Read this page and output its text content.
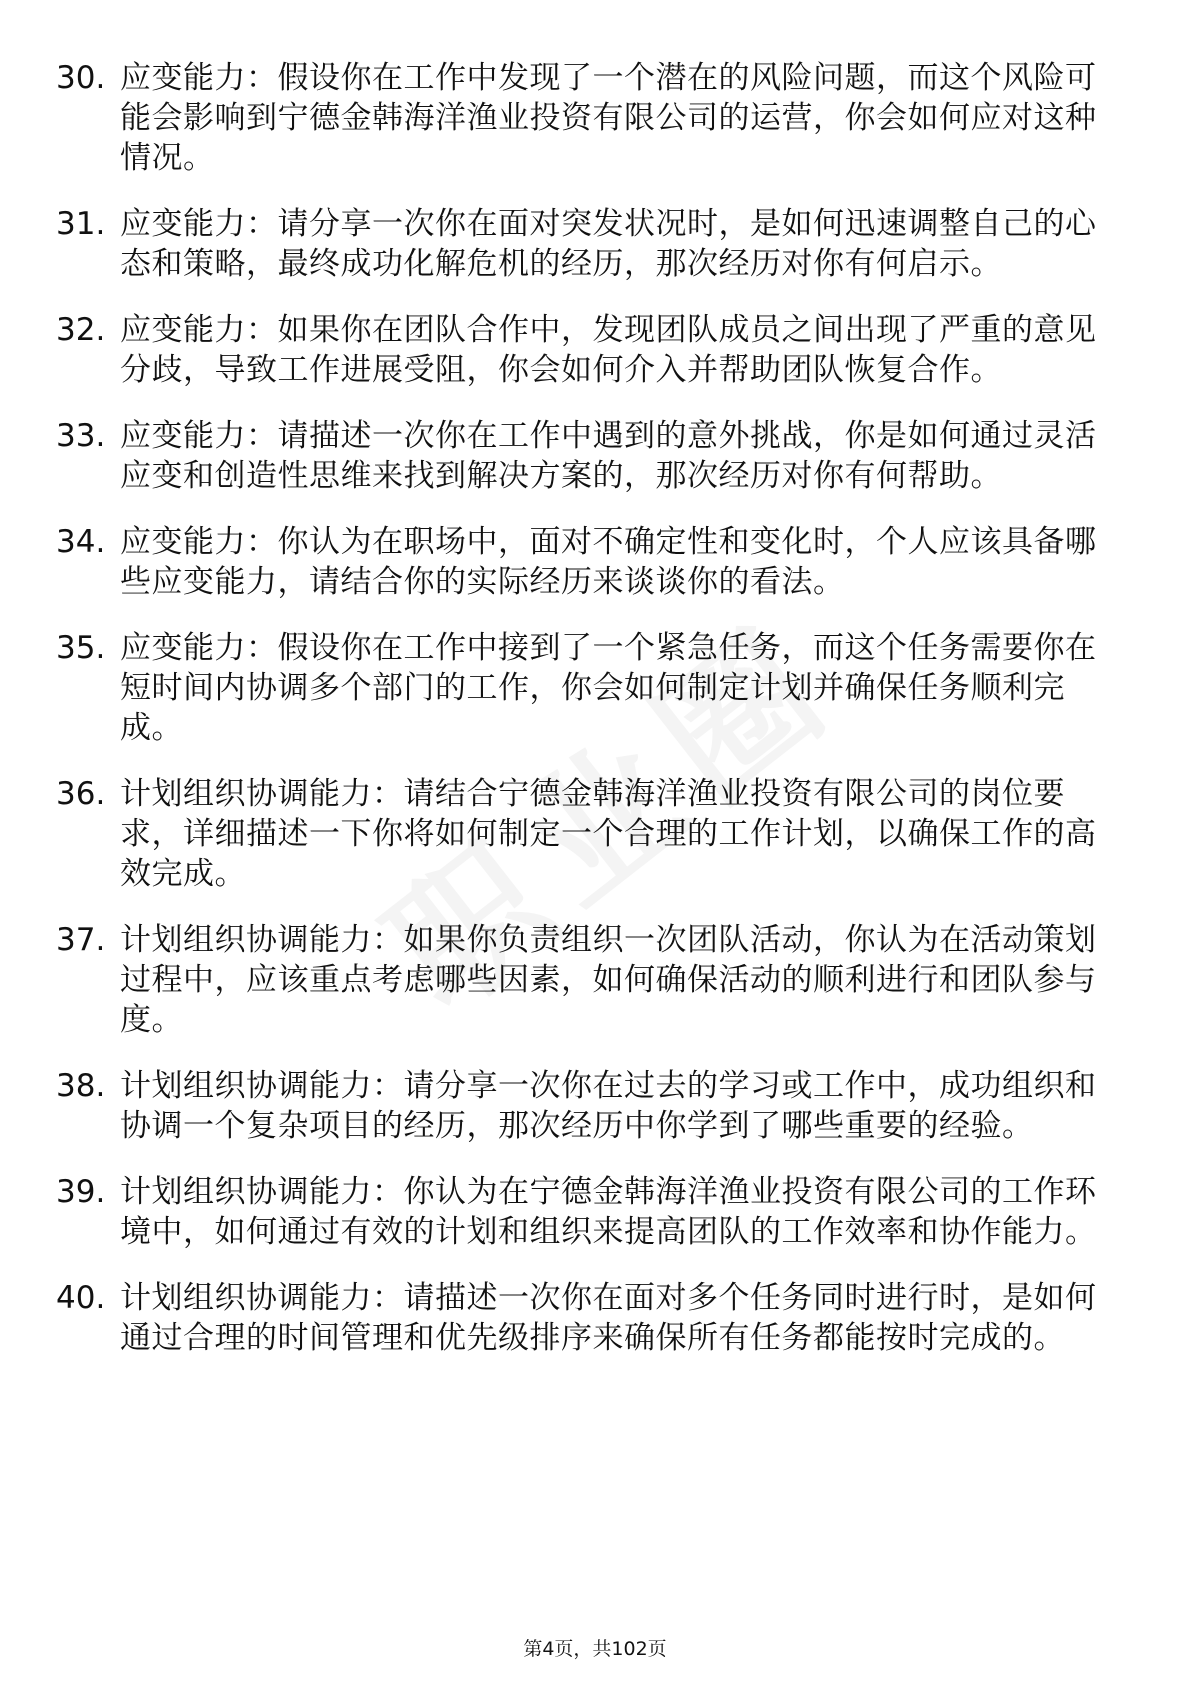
30. 应变能力：假设你在工作中发现了一个潜在的风险问题，而这个风险可能会影响到宁德金韩海洋渔业投资有限公司的运营，你会如何应对这种情况。
31. 应变能力：请分享一次你在面对突发状况时，是如何迅速调整自己的心态和策略，最终成功化解危机的经历，那次经历对你有何启示。
32. 应变能力：如果你在团队合作中，发现团队成员之间出现了严重的意见分歧，导致工作进展受阻，你会如何介入并帮助团队恢复合作。
33. 应变能力：请描述一次你在工作中遇到的意外挑战，你是如何通过灵活应变和创造性思维来找到解决方案的，那次经历对你有何帮助。
34. 应变能力：你认为在职场中，面对不确定性和变化时，个人应该具备哪些应变能力，请结合你的实际经历来谈谈你的看法。
35. 应变能力：假设你在工作中接到了一个紧急任务，而这个任务需要你在短时间内协调多个部门的工作，你会如何制定计划并确保任务顺利完成。
36. 计划组织协调能力：请结合宁德金韩海洋渔业投资有限公司的岗位要求，详细描述一下你将如何制定一个合理的工作计划，以确保工作的高效完成。
37. 计划组织协调能力：如果你负责组织一次团队活动，你认为在活动策划过程中，应该重点考虑哪些因素，如何确保活动的顺利进行和团队参与度。
38. 计划组织协调能力：请分享一次你在过去的学习或工作中，成功组织和协调一个复杂项目的经历，那次经历中你学到了哪些重要的经验。
39. 计划组织协调能力：你认为在宁德金韩海洋渔业投资有限公司的工作环境中，如何通过有效的计划和组织来提高团队的工作效率和协作能力。
40. 计划组织协调能力：请描述一次你在面对多个任务同时进行时，是如何通过合理的时间管理和优先级排序来确保所有任务都能按时完成的。
第4页，共102页
